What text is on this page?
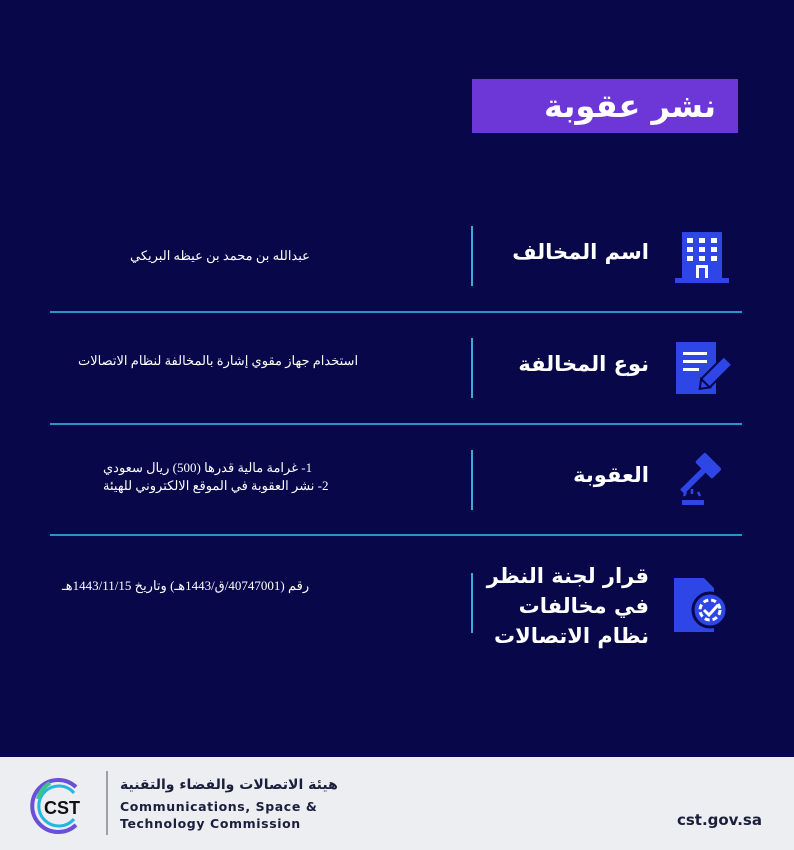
نشر عقوبة
اسم المخالف
عبدالله بن محمد بن عيظه البريكي
نوع المخالفة
استخدام جهاز مقوي إشارة بالمخالفة لنظام الاتصالات
العقوبة
1- غرامة مالية قدرها (500) ريال سعودي
2- نشر العقوبة في الموقع الالكتروني للهيئة
قرار لجنة النظر
في مخالفات
نظام الاتصالات
رقم (40747001/ق/1443هـ) وتاريخ 1443/11/15هـ
CST
هيئة الاتصالات والفضاء والتقنية
Communications, Space &
Technology Commission	cst.gov.sa
